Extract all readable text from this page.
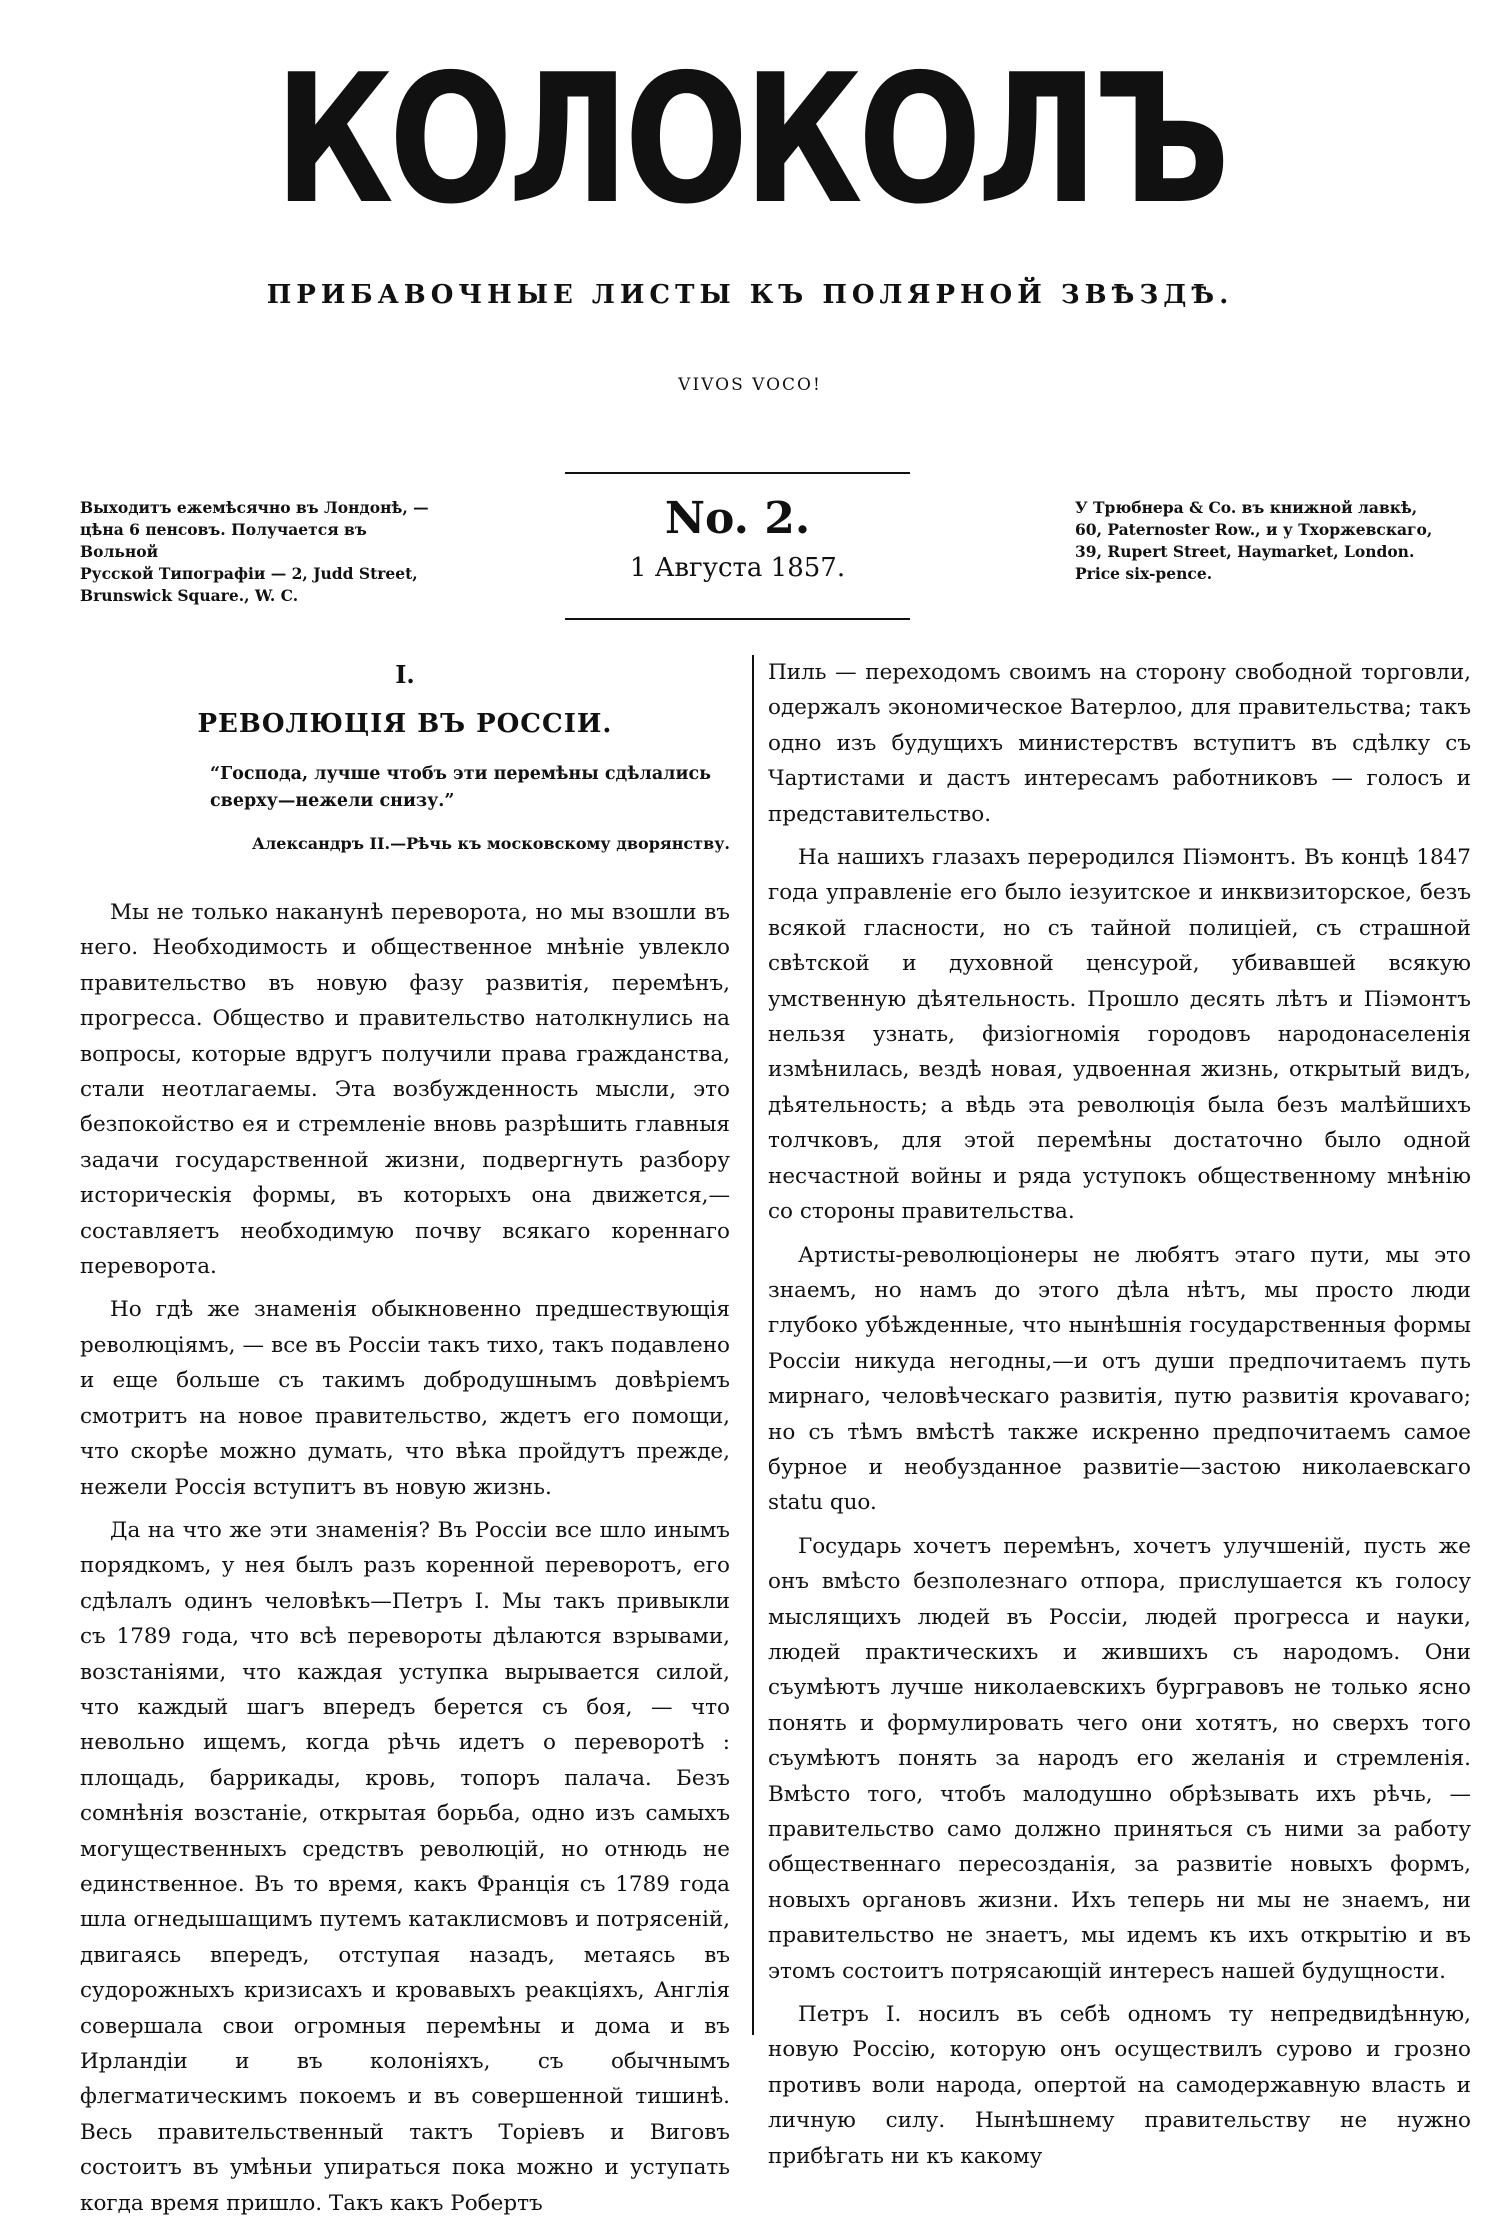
КОЛОКОЛЪ
ПРИБАВОЧНЫЕ ЛИСТЫ КЪ ПОЛЯРНОЙ ЗВѢЗДѢ.
VIVOS VOCO!

Выходитъ ежемѣсячно въ Лондонѣ, —

цѣна 6 пенсовъ. Получается въ Вольной

Русской Типографіи — 2, Judd Street,

Brunswick Square., W. C.

No. 2.
1 Августа 1857.

У Трюбнера & Co. въ книжной лавкѣ,

60, Paternoster Row., и у Тхоржевскаго,

39, Rupert Street, Haymarket, London.

Price six-pence.

I.
РЕВОЛЮЦІЯ ВЪ РОССІИ.
“Господа, лучше чтобъ эти перемѣны сдѣлались сверху—нежели снизу.”
Александръ II.—Рѣчь къ московскому дворянству.

Мы не только наканунѣ переворота, но мы взошли въ него. Необходимость и общественное мнѣніе увлекло правительство въ новую фазу развитія, перемѣнъ, прогресса. Общество и правительство натолкнулись на вопросы, которые вдругъ получили права гражданства, стали неотлагаемы. Эта возбужденность мысли, это безпокойство ея и стремленіе вновь разрѣшить главныя задачи государственной жизни, подвергнуть разбору историческія формы, въ которыхъ она движется,—составляетъ необходимую почву всякаго кореннаго переворота.

Но гдѣ же знаменія обыкновенно предшествующія революціямъ, — все въ Россіи такъ тихо, такъ подавлено и еще больше съ такимъ добродушнымъ довѣріемъ смотритъ на новое правительство, ждетъ его помощи, что скорѣе можно думать, что вѣка пройдутъ прежде, нежели Россія вступитъ въ новую жизнь.

Да на что же эти знаменія? Въ Россіи все шло инымъ порядкомъ, у нея былъ разъ коренной переворотъ, его сдѣлалъ одинъ человѣкъ—Петръ I. Мы такъ привыкли съ 1789 года, что всѣ перевороты дѣлаются взрывами, возстаніями, что каждая уступка вырывается силой, что каждый шагъ впередъ берется съ боя, — что невольно ищемъ, когда рѣчь идетъ о переворотѣ : площадь, баррикады, кровь, топоръ палача. Безъ сомнѣнія возстаніе, открытая борьба, одно изъ самыхъ могущественныхъ средствъ революцій, но отнюдь не единственное. Въ то время, какъ Франція съ 1789 года шла огнедышащимъ путемъ катаклисмовъ и потрясеній, двигаясь впередъ, отступая назадъ, метаясь въ судорожныхъ кризисахъ и кровавыхъ реакціяхъ, Англія совершала свои огромныя перемѣны и дома и въ Ирландіи и въ колоніяхъ, съ обычнымъ флегматическимъ покоемъ и въ совершенной тишинѣ. Весь правительственный тактъ Торіевъ и Виговъ состоитъ въ умѣньи упираться пока можно и уступать когда время пришло. Такъ какъ Робертъ

Пиль — переходомъ своимъ на сторону свободной торговли, одержалъ экономическое Ватерлоо, для правительства; такъ одно изъ будущихъ министерствъ вступитъ въ сдѣлку съ Чартистами и дастъ интересамъ работниковъ — голосъ и представительство.

На нашихъ глазахъ переродился Піэмонтъ. Въ концѣ 1847 года управленіе его было іезуитское и инквизиторское, безъ всякой гласности, но съ тайной полиціей, съ страшной свѣтской и духовной ценсурой, убивавшей всякую умственную дѣятельность. Прошло десять лѣтъ и Піэмонтъ нельзя узнать, физіогномія городовъ народонаселенія измѣнилась, вездѣ новая, удвоенная жизнь, открытый видъ, дѣятельность; а вѣдь эта революція была безъ малѣйшихъ толчковъ, для этой перемѣны достаточно было одной несчастной войны и ряда уступокъ общественному мнѣнію со стороны правительства.

Артисты-революціонеры не любятъ этаго пути, мы это знаемъ, но намъ до этого дѣла нѣтъ, мы просто люди глубоко убѣжденные, что нынѣшнія государственныя формы Россіи никуда негодны,—и отъ души предпочитаемъ путь мирнаго, человѣческаго развитія, путю развитія крovаваго; но съ тѣмъ вмѣстѣ также искренно предпочитаемъ самое бурное и необузданное развитіе—застою николаевскаго statu quo.

Государь хочетъ перемѣнъ, хочетъ улучшеній, пусть же онъ вмѣсто безполезнаго отпора, прислушается къ голосу мыслящихъ людей въ Россіи, людей прогресса и науки, людей практическихъ и жившихъ съ народомъ. Они съумѣютъ лучше николаевскихъ бургравовъ не только ясно понять и формулировать чего они хотятъ, но сверхъ того съумѣютъ понять за народъ его желанія и стремленія. Вмѣсто того, чтобъ малодушно обрѣзывать ихъ рѣчь, — правительство само должно приняться съ ними за работу общественнаго пересозданія, за развитіе новыхъ формъ, новыхъ органовъ жизни. Ихъ теперь ни мы не знаемъ, ни правительство не знаетъ, мы идемъ къ ихъ открытію и въ этомъ состоитъ потрясающій интересъ нашей будущности.

Петръ I. носилъ въ себѣ одномъ ту непредвидѣнную, новую Россію, которую онъ осуществилъ сурово и грозно противъ воли народа, опертой на самодержавную власть и личную силу. Нынѣшнему правительству не нужно прибѣгать ни къ какому
